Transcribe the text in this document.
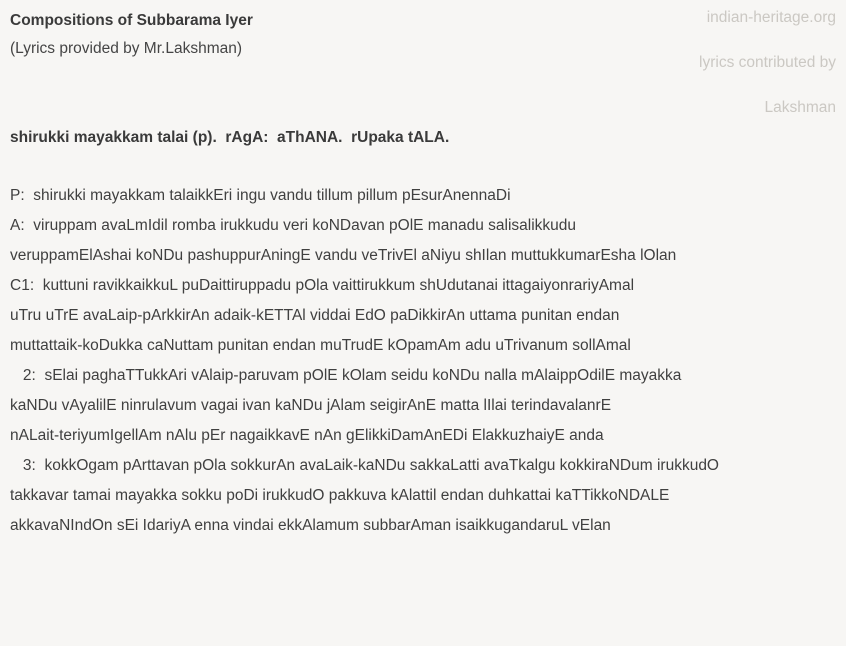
Compositions of Subbarama Iyer
(Lyrics provided by Mr.Lakshman)
indian-heritage.org
lyrics contributed by
Lakshman
shirukki mayakkam talai (p).  rAgA:  aThANA.  rUpaka tALA.
P:  shirukki mayakkam talaikkEri ingu vandu tillum pillum pEsurAnennaDi
A:  viruppam avaLmIdil romba irukkudu veri koNDavan pOlE manadu salisalikkudu
veruppamElAshai koNDu pashuppurAningE vandu veTrivEl aNiyu shIlan muttukkumarEsha lOlan
C1:  kuttuni ravikkaikkuL puDaittiruppadu pOla vaittirukkum shUdutanai ittagaiyonrariyAmal
uTru uTrE avaLaip-pArkkirAn adaik-kETTAl viddai EdO paDikkirAn uttama punitan endan
muttattaik-koDukka caNuttam punitan endan muTrudE kOpamAm adu uTrivanum sollAmal
2:  sElai paghaTTukkAri vAlaip-paruvam pOlE kOlam seidu koNDu nalla mAlaippOdilE mayakka
kaNDu vAyalilE ninrulavum vagai ivan kaNDu jAlam seigirAnE matta lIlai terindavalanrE
nALait-teriyumIgellAm nAlu pEr nagaikkavE nAn gElikkiDamAnEDi ElakkuzhaiyE anda
3:  kokkOgam pArttavan pOla sokkurAn avaLaik-kaNDu sakkaLatti avaTkalgu kokkiraNDum irukkudO
takkavar tamai mayakka sokku poDi irukkudO pakkuva kAlattil endan duhkattai kaTTikkoNDALE
akkavaNIndOn sEi IdariyA enna vindai ekkAlamum subbarAman isaikkugandaruL vElan
